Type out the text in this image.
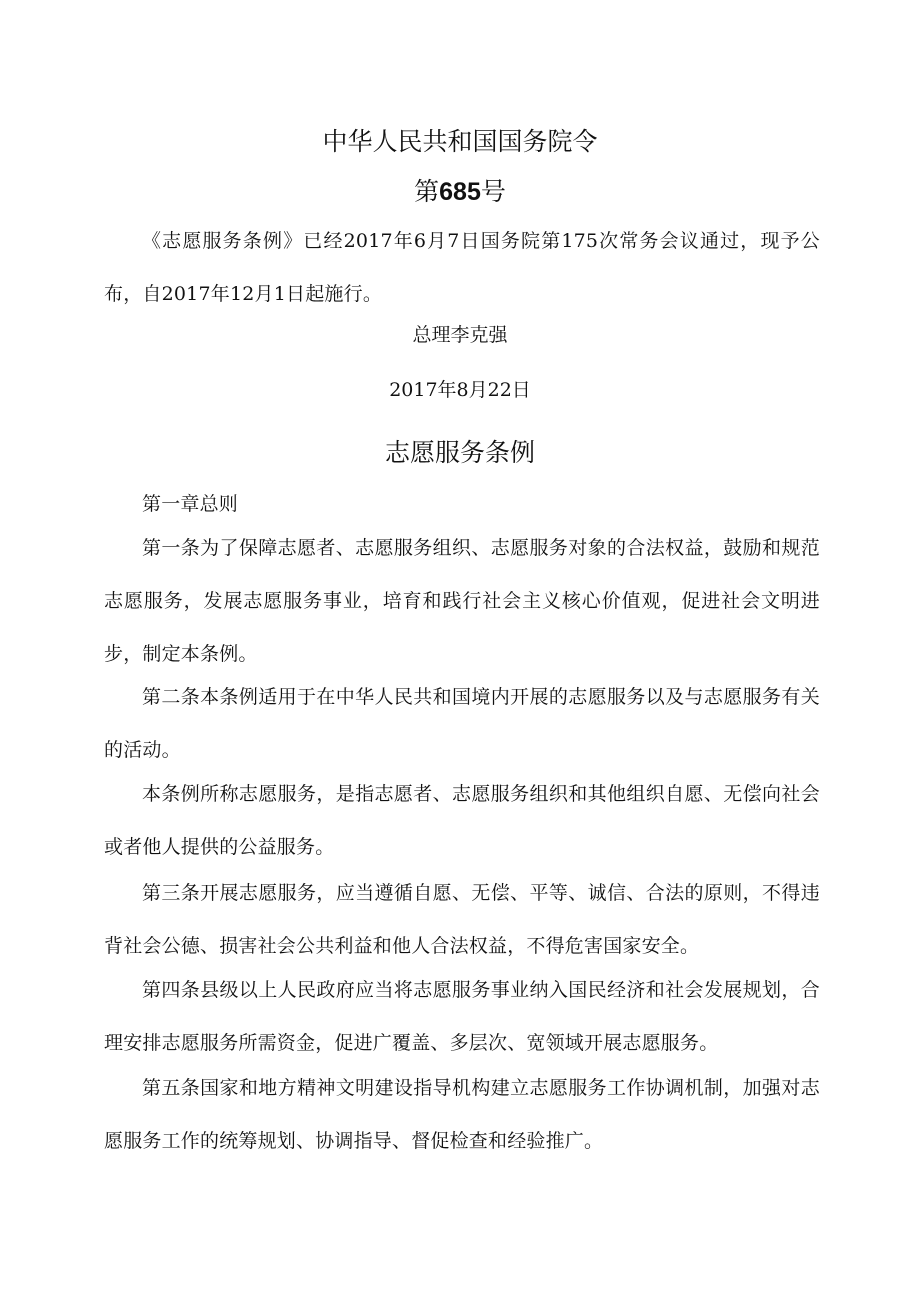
中华人民共和国国务院令
第685号
《志愿服务条例》已经2017年6月7日国务院第175次常务会议通过，现予公布，自2017年12月1日起施行。
总理李克强
2017年8月22日
志愿服务条例
第一章总则
第一条为了保障志愿者、志愿服务组织、志愿服务对象的合法权益，鼓励和规范志愿服务，发展志愿服务事业，培育和践行社会主义核心价值观，促进社会文明进步，制定本条例。
第二条本条例适用于在中华人民共和国境内开展的志愿服务以及与志愿服务有关的活动。
本条例所称志愿服务，是指志愿者、志愿服务组织和其他组织自愿、无偿向社会或者他人提供的公益服务。
第三条开展志愿服务，应当遵循自愿、无偿、平等、诚信、合法的原则，不得违背社会公德、损害社会公共利益和他人合法权益，不得危害国家安全。
第四条县级以上人民政府应当将志愿服务事业纳入国民经济和社会发展规划，合理安排志愿服务所需资金，促进广覆盖、多层次、宽领域开展志愿服务。
第五条国家和地方精神文明建设指导机构建立志愿服务工作协调机制，加强对志愿服务工作的统筹规划、协调指导、督促检查和经验推广。
